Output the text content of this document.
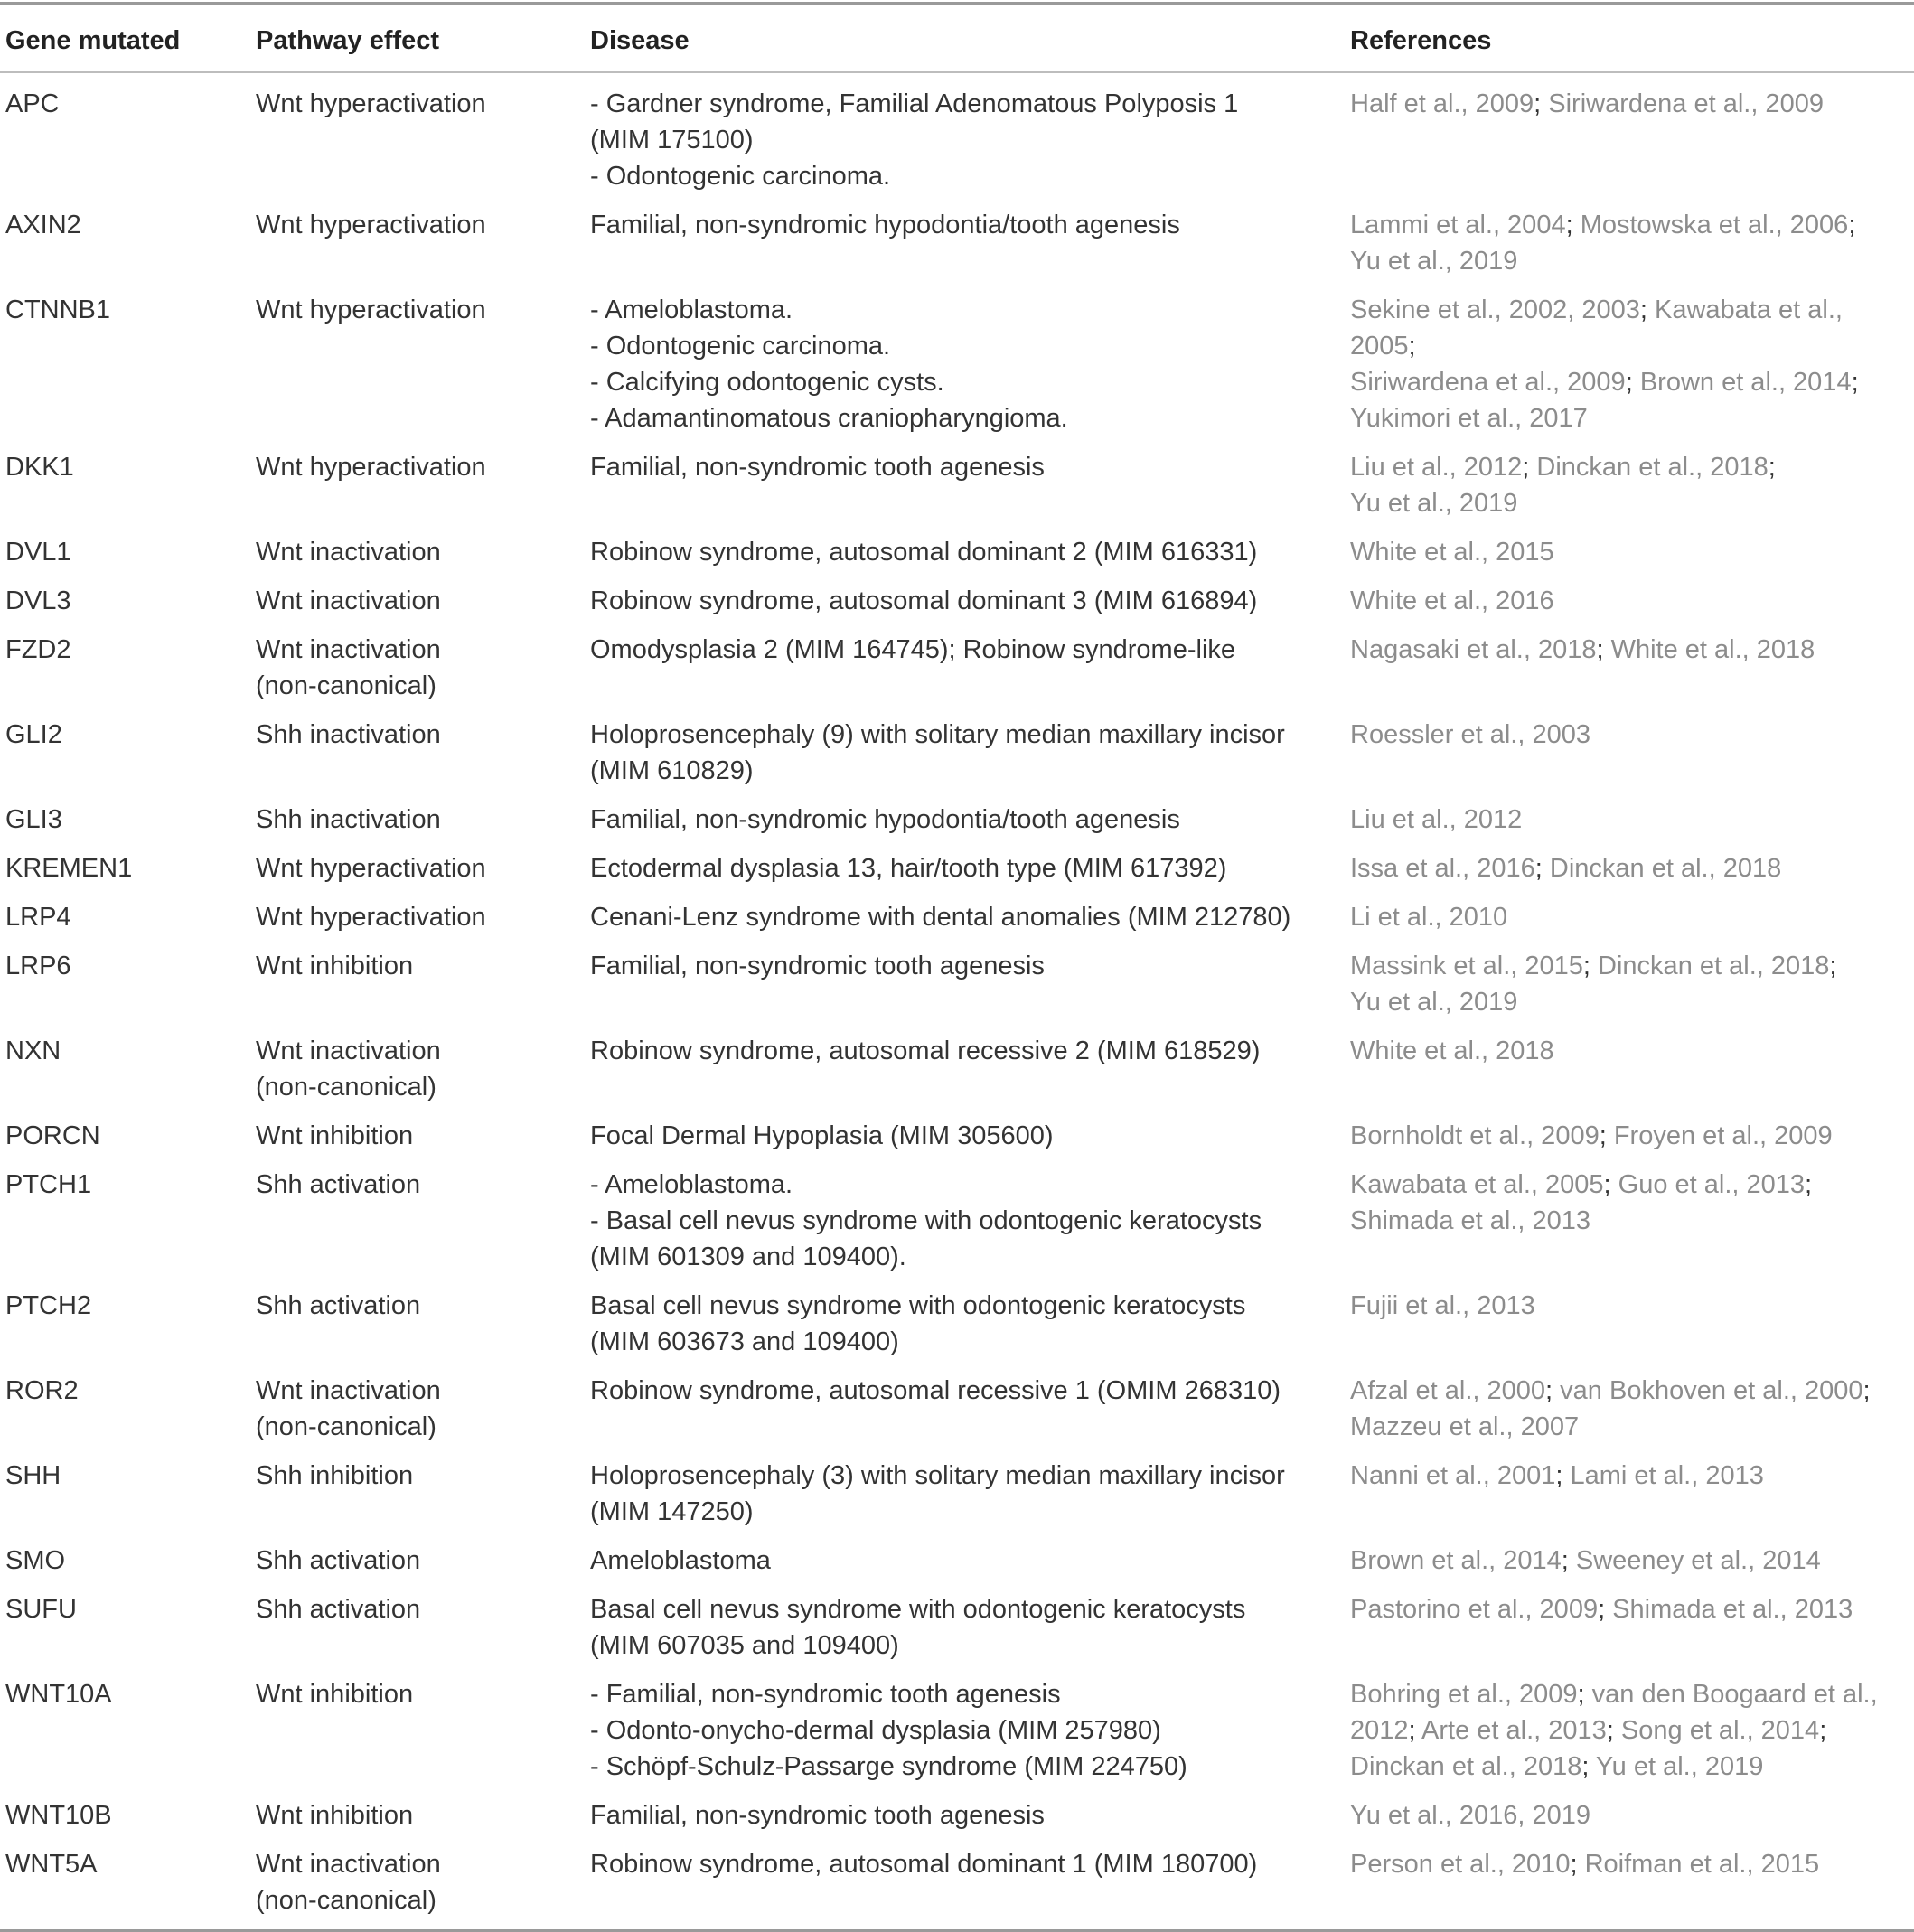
Gene mutated	Pathway effect	Disease	References
APC	Wnt hyperactivation	- Gardner syndrome, Familial Adenomatous Polyposis 1
(MIM 175100)
- Odontogenic carcinoma.	Half et al., 2009; Siriwardena et al., 2009

AXIN2	Wnt hyperactivation	Familial, non-syndromic hypodontia/tooth agenesis	Lammi et al., 2004; Mostowska et al., 2006;
Yu et al., 2019

CTNNB1	Wnt hyperactivation	- Ameloblastoma.
- Odontogenic carcinoma.
- Calcifying odontogenic cysts.
- Adamantinomatous craniopharyngioma.	Sekine et al., 2002, 2003; Kawabata et al., 2005;
Siriwardena et al., 2009; Brown et al., 2014;
Yukimori et al., 2017

DKK1	Wnt hyperactivation	Familial, non-syndromic tooth agenesis	Liu et al., 2012; Dinckan et al., 2018;
Yu et al., 2019

DVL1	Wnt inactivation	Robinow syndrome, autosomal dominant 2 (MIM 616331)	White et al., 2015

DVL3	Wnt inactivation	Robinow syndrome, autosomal dominant 3 (MIM 616894)	White et al., 2016

FZD2	Wnt inactivation
(non-canonical)	Omodysplasia 2 (MIM 164745); Robinow syndrome-like	Nagasaki et al., 2018; White et al., 2018

GLI2	Shh inactivation	Holoprosencephaly (9) with solitary median maxillary incisor
(MIM 610829)	Roessler et al., 2003

GLI3	Shh inactivation	Familial, non-syndromic hypodontia/tooth agenesis	Liu et al., 2012

KREMEN1	Wnt hyperactivation	Ectodermal dysplasia 13, hair/tooth type (MIM 617392)	Issa et al., 2016; Dinckan et al., 2018

LRP4	Wnt hyperactivation	Cenani-Lenz syndrome with dental anomalies (MIM 212780)	Li et al., 2010

LRP6	Wnt inhibition	Familial, non-syndromic tooth agenesis	Massink et al., 2015; Dinckan et al., 2018;
Yu et al., 2019

NXN	Wnt inactivation
(non-canonical)	Robinow syndrome, autosomal recessive 2 (MIM 618529)	White et al., 2018

PORCN	Wnt inhibition	Focal Dermal Hypoplasia (MIM 305600)	Bornholdt et al., 2009; Froyen et al., 2009

PTCH1	Shh activation	- Ameloblastoma.
- Basal cell nevus syndrome with odontogenic keratocysts
(MIM 601309 and 109400).	Kawabata et al., 2005; Guo et al., 2013;
Shimada et al., 2013

PTCH2	Shh activation	Basal cell nevus syndrome with odontogenic keratocysts
(MIM 603673 and 109400)	Fujii et al., 2013

ROR2	Wnt inactivation
(non-canonical)	Robinow syndrome, autosomal recessive 1 (OMIM 268310)	Afzal et al., 2000; van Bokhoven et al., 2000;
Mazzeu et al., 2007

SHH	Shh inhibition	Holoprosencephaly (3) with solitary median maxillary incisor
(MIM 147250)	Nanni et al., 2001; Lami et al., 2013

SMO	Shh activation	Ameloblastoma	Brown et al., 2014; Sweeney et al., 2014

SUFU	Shh activation	Basal cell nevus syndrome with odontogenic keratocysts
(MIM 607035 and 109400)	Pastorino et al., 2009; Shimada et al., 2013

WNT10A	Wnt inhibition	- Familial, non-syndromic tooth agenesis
- Odonto-onycho-dermal dysplasia (MIM 257980)
- Schöpf-Schulz-Passarge syndrome (MIM 224750)	Bohring et al., 2009; van den Boogaard et al.,
2012; Arte et al., 2013; Song et al., 2014;
Dinckan et al., 2018; Yu et al., 2019

WNT10B	Wnt inhibition	Familial, non-syndromic tooth agenesis	Yu et al., 2016, 2019

WNT5A	Wnt inactivation
(non-canonical)	Robinow syndrome, autosomal dominant 1 (MIM 180700)	Person et al., 2010; Roifman et al., 2015
